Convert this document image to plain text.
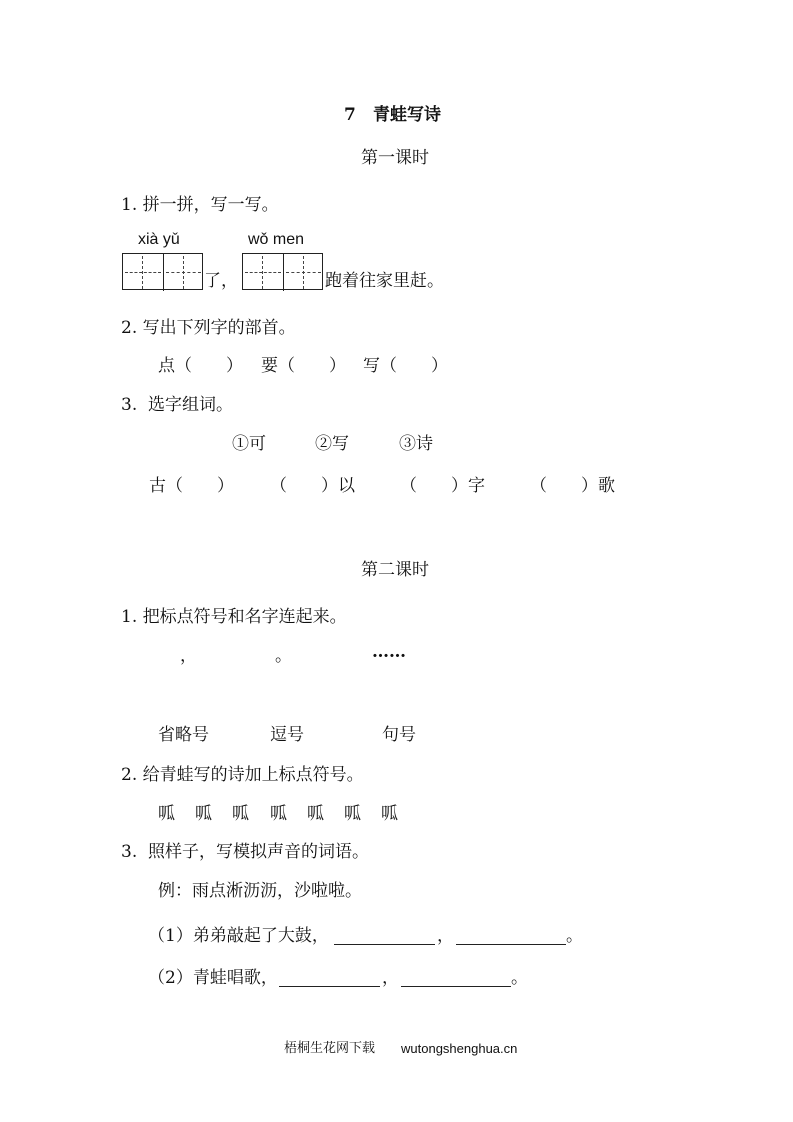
7 青蛙写诗
第一课时
1. 拼一拼，写一写。
xià yǔ	wǒ men
了，	跑着往家里赶。
2. 写出下列字的部首。
点（　　） 要（　　） 写（　　）
3.  选字组词。
①可	②写	③诗
古（　　） （　　）以	（　　）字	（　　）歌
第二课时
1. 把标点符号和名字连起来。
，	。	……
省略号	逗号	句号
2. 给青蛙写的诗加上标点符号。
呱 呱 呱 呱 呱 呱 呱
3.  照样子，写模拟声音的词语。
例：雨点淅沥沥，沙啦啦。
（1）弟弟敲起了大鼓，	，	。
（2）青蛙唱歌，	，	。
梧桐生花网下载 wutongshenghua.cn
